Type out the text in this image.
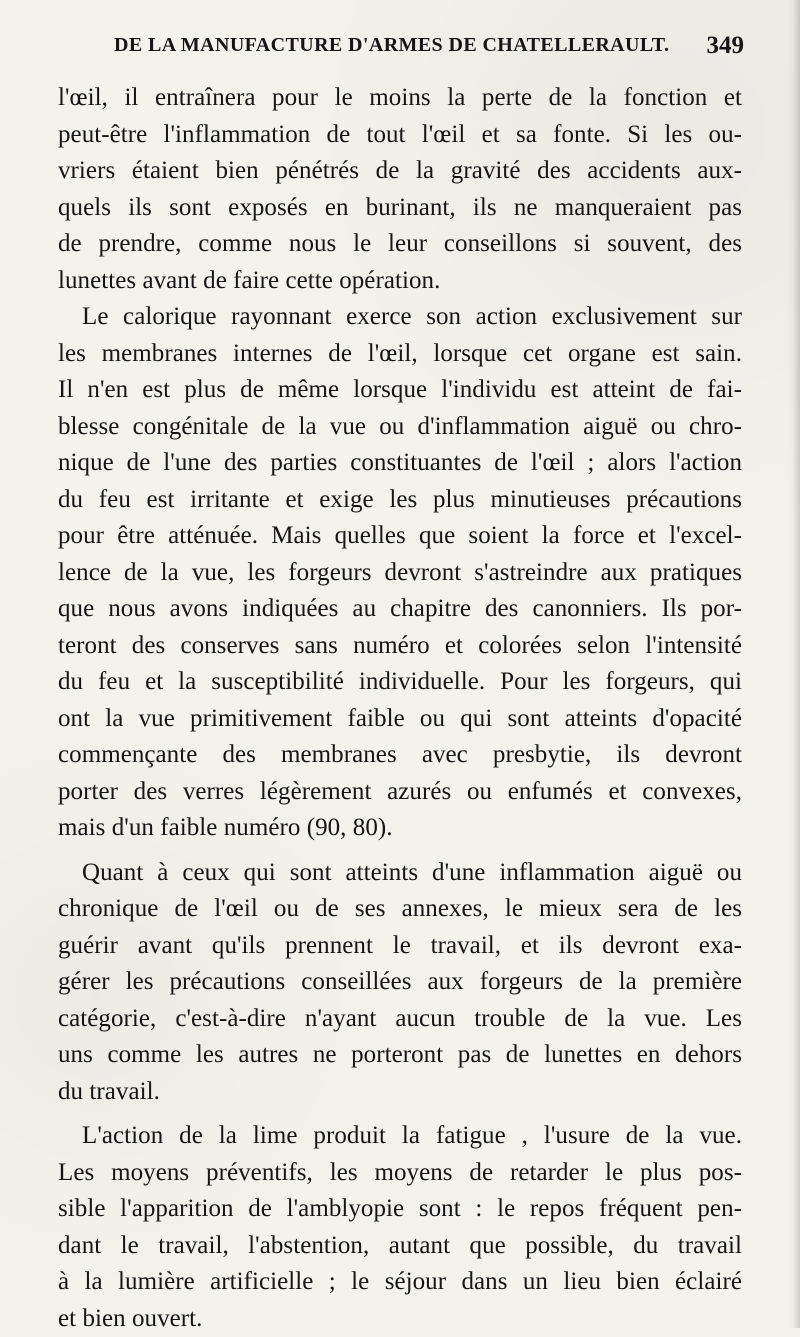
DE LA MANUFACTURE D'ARMES DE CHATELLERAULT. 349
l'œil, il entraînera pour le moins la perte de la fonction et
peut-être l'inflammation de tout l'œil et sa fonte. Si les ou-
vriers étaient bien pénétrés de la gravité des accidents aux-
quels ils sont exposés en burinant, ils ne manqueraient pas
de prendre, comme nous le leur conseillons si souvent, des
lunettes avant de faire cette opération.
Le calorique rayonnant exerce son action exclusivement sur
les membranes internes de l'œil, lorsque cet organe est sain.
Il n'en est plus de même lorsque l'individu est atteint de fai-
blesse congénitale de la vue ou d'inflammation aiguë ou chro-
nique de l'une des parties constituantes de l'œil ; alors l'action
du feu est irritante et exige les plus minutieuses précautions
pour être atténuée. Mais quelles que soient la force et l'excel-
lence de la vue, les forgeurs devront s'astreindre aux pratiques
que nous avons indiquées au chapitre des canonniers. Ils por-
teront des conserves sans numéro et colorées selon l'intensité
du feu et la susceptibilité individuelle. Pour les forgeurs, qui
ont la vue primitivement faible ou qui sont atteints d'opacité
commençante des membranes avec presbytie, ils devront
porter des verres légèrement azurés ou enfumés et convexes,
mais d'un faible numéro (90, 80).
Quant à ceux qui sont atteints d'une inflammation aiguë ou
chronique de l'œil ou de ses annexes, le mieux sera de les
guérir avant qu'ils prennent le travail, et ils devront exa-
gérer les précautions conseillées aux forgeurs de la première
catégorie, c'est-à-dire n'ayant aucun trouble de la vue. Les
uns comme les autres ne porteront pas de lunettes en dehors
du travail.
L'action de la lime produit la fatigue , l'usure de la vue.
Les moyens préventifs, les moyens de retarder le plus pos-
sible l'apparition de l'amblyopie sont : le repos fréquent pen-
dant le travail, l'abstention, autant que possible, du travail
à la lumière artificielle ; le séjour dans un lieu bien éclairé
et bien ouvert.
